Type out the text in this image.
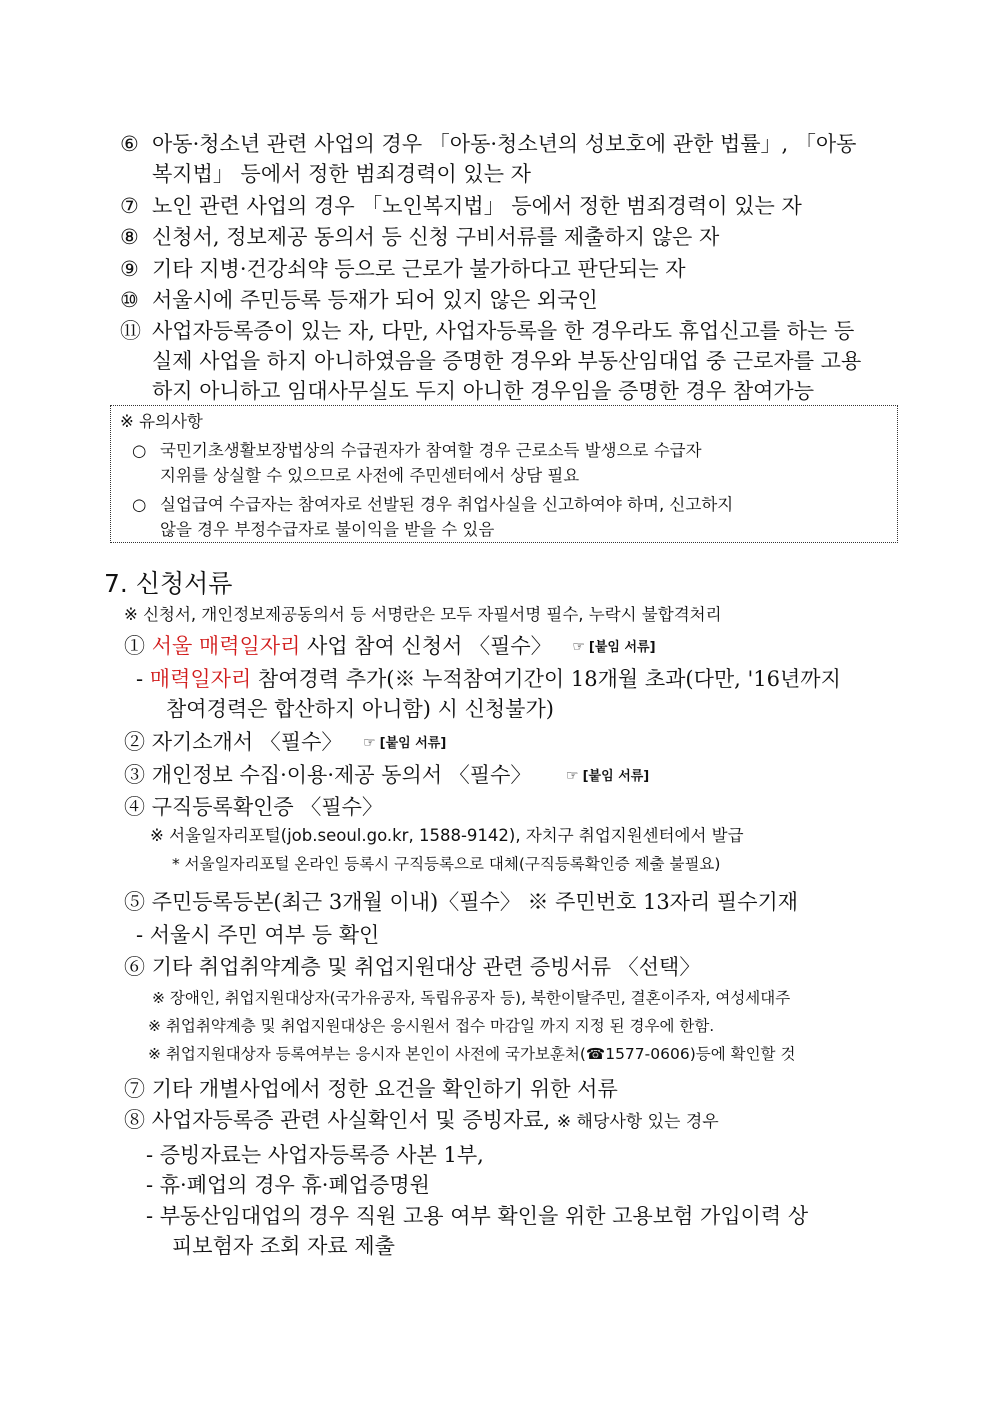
⑥ 아동·청소년 관련 사업의 경우 「아동·청소년의 성보호에 관한 법률」, 「아동
복지법」 등에서 정한 범죄경력이 있는 자
⑦ 노인 관련 사업의 경우 「노인복지법」 등에서 정한 범죄경력이 있는 자
⑧ 신청서, 정보제공 동의서 등 신청 구비서류를 제출하지 않은 자
⑨ 기타 지병·건강쇠약 등으로 근로가 불가하다고 판단되는 자
⑩ 서울시에 주민등록 등재가 되어 있지 않은 외국인
⑪ 사업자등록증이 있는 자, 다만, 사업자등록을 한 경우라도 휴업신고를 하는 등
실제 사업을 하지 아니하였음을 증명한 경우와 부동산임대업 중 근로자를 고용
하지 아니하고 임대사무실도 두지 아니한 경우임을 증명한 경우 참여가능
※ 유의사항
○ 국민기초생활보장법상의 수급권자가 참여할 경우 근로소득 발생으로 수급자
지위를 상실할 수 있으므로 사전에 주민센터에서 상담 필요
○ 실업급여 수급자는 참여자로 선발된 경우 취업사실을 신고하여야 하며, 신고하지
않을 경우 부정수급자로 불이익을 받을 수 있음
7. 신청서류
※ 신청서, 개인정보제공동의서 등 서명란은 모두 자필서명 필수, 누락시 불합격처리
① 서울 매력일자리 사업 참여 신청서 〈필수〉 ☞ [붙임 서류]
- 매력일자리 참여경력 추가(※ 누적참여기간이 18개월 초과(다만, '16년까지
참여경력은 합산하지 아니함) 시 신청불가)
② 자기소개서 〈필수〉 ☞ [붙임 서류]
③ 개인정보 수집·이용·제공 동의서 〈필수〉 ☞ [붙임 서류]
④ 구직등록확인증 〈필수〉
※ 서울일자리포털(job.seoul.go.kr, 1588-9142), 자치구 취업지원센터에서 발급
* 서울일자리포털 온라인 등록시 구직등록으로 대체(구직등록확인증 제출 불필요)
⑤ 주민등록등본(최근 3개월 이내)〈필수〉 ※ 주민번호 13자리 필수기재
- 서울시 주민 여부 등 확인
⑥ 기타 취업취약계층 및 취업지원대상 관련 증빙서류 〈선택〉
※ 장애인, 취업지원대상자(국가유공자, 독립유공자 등), 북한이탈주민, 결혼이주자, 여성세대주
※ 취업취약계층 및 취업지원대상은 응시원서 접수 마감일 까지 지정 된 경우에 한함.
※ 취업지원대상자 등록여부는 응시자 본인이 사전에 국가보훈처(☎1577-0606)등에 확인할 것
⑦ 기타 개별사업에서 정한 요건을 확인하기 위한 서류
⑧ 사업자등록증 관련 사실확인서 및 증빙자료, ※ 해당사항 있는 경우
- 증빙자료는 사업자등록증 사본 1부,
- 휴·폐업의 경우 휴·폐업증명원
- 부동산임대업의 경우 직원 고용 여부 확인을 위한 고용보험 가입이력 상
피보험자 조회 자료 제출
